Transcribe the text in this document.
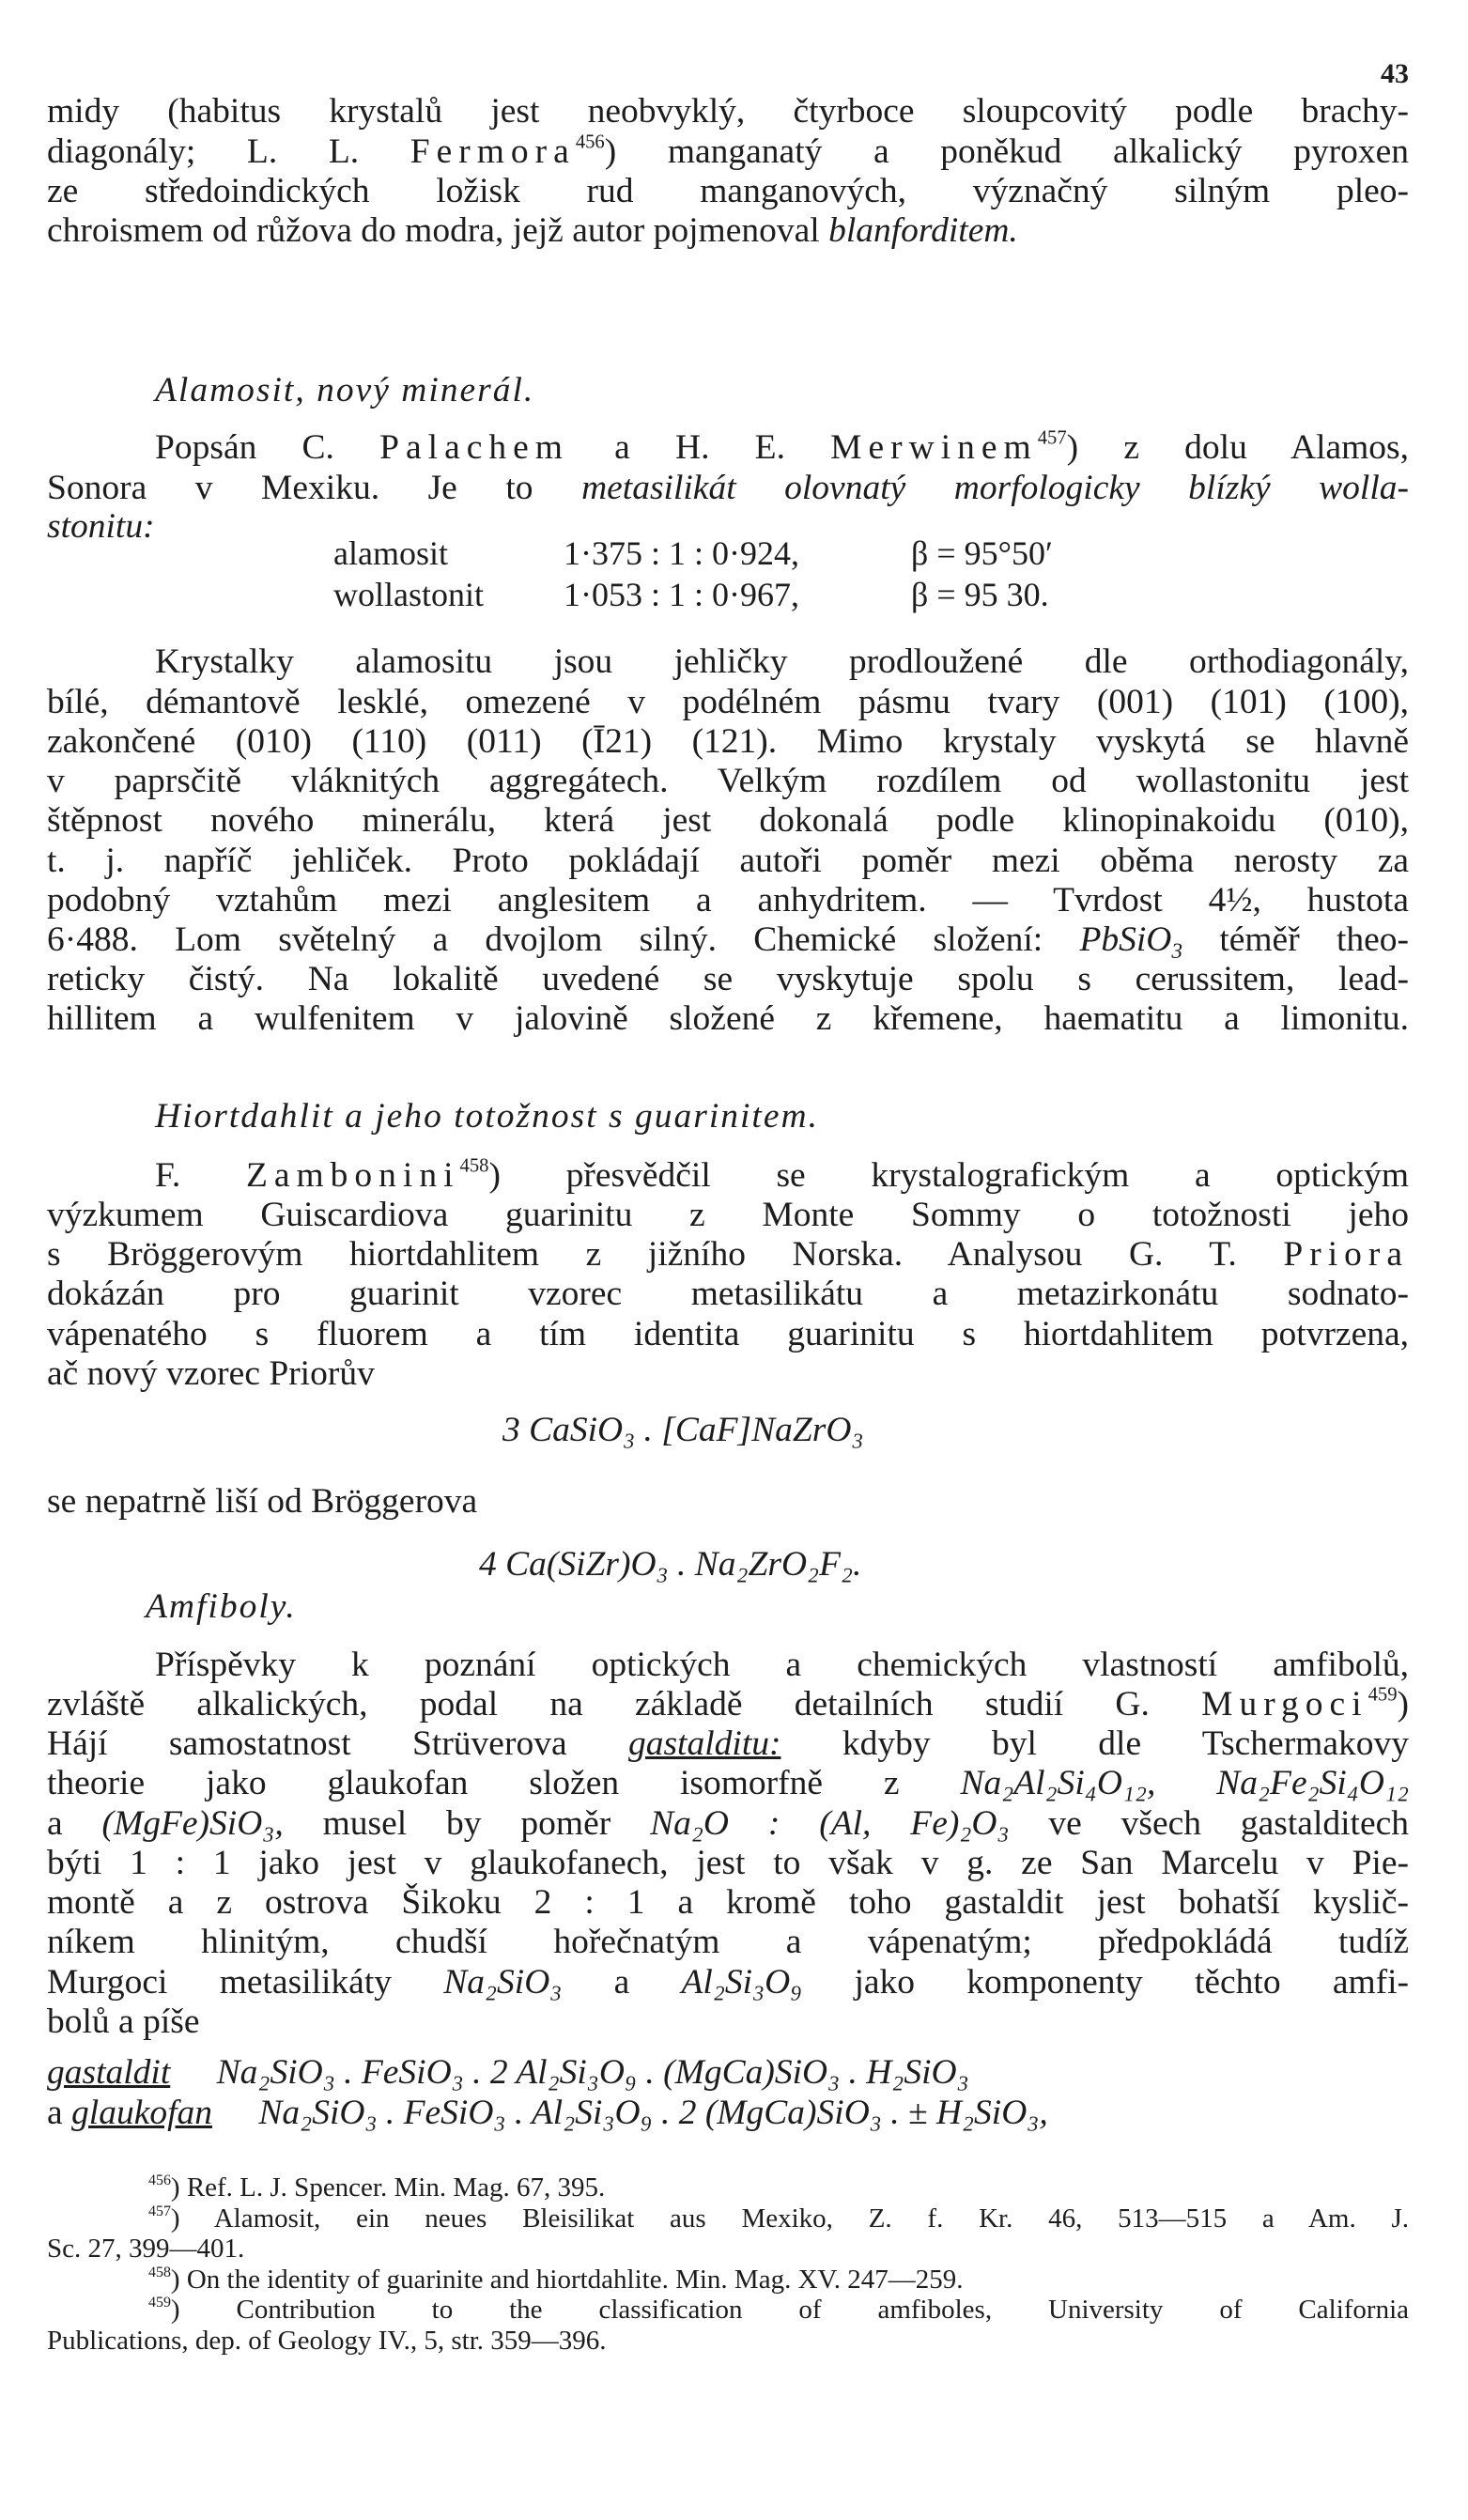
43
midy (habitus krystalů jest neobvyklý, čtyrboce sloupcovitý podle brachy-
diagonály; L. L. Fermora$^{456}$) manganatý a poněkud alkalický pyroxen
ze středoindických ložisk rud manganových, význačný silným pleo-
chroismem od růžova do modra, jejž autor pojmenoval blanforditem.
Alamosit, nový minerál.
Popsán C. Palachem a H. E. Merwinem$^{457}$) z dolu Alamos,
Sonora v Mexiku. Je to metasilikát olovnatý morfologicky blízký wolla-
stonitu:
alamosit	1·375 : 1 : 0·924,	β = 95°50′
wollastonit 1·053 : 1 : 0·967,	β = 95 30.
Krystalky alamositu jsou jehličky prodloužené dle orthodiagonály,
bílé, démantově lesklé, omezené v podélném pásmu tvary (001) (101) (100),
zakončené (010) (110) (011) (Ī21) (121). Mimo krystaly vyskytá se hlavně
v paprsčitě vláknitých aggregátech. Velkým rozdílem od wollastonitu jest
štěpnost nového minerálu, která jest dokonalá podle klinopinakoidu (010),
t. j. napříč jehliček. Proto pokládají autoři poměr mezi oběma nerosty za
podobný vztahům mezi anglesitem a anhydritem. — Tvrdost 4½, hustota
6·488. Lom světelný a dvojlom silný. Chemické složení: PbSiO$_3$ téměř theo-
reticky čistý. Na lokalitě uvedené se vyskytuje spolu s cerussitem, lead-
hillitem a wulfenitem v jalovině složené z křemene, haematitu a limonitu.
Hiortdahlit a jeho totožnost s guarinitem.
F. Zambonini$^{458}$) přesvědčil se krystalografickým a optickým
výzkumem Guiscardiova guarinitu z Monte Sommy o totožnosti jeho
s Bröggerovým hiortdahlitem z jižního Norska. Analysou G. T. Priora
dokázán pro guarinit vzorec metasilikátu a metazirkonátu sodnato-
vápenatého s fluorem a tím identita guarinitu s hiortdahlitem potvrzena,
ač nový vzorec Priorův
3 CaSiO₃ . [CaF]NaZrO₃
se nepatrně liší od Bröggerova
4 Ca(SiZr)O₃ . Na₂ZrO₂F₂.
Amfiboly.
Příspěvky k poznání optických a chemických vlastností amfibolů,
zvláště alkalických, podal na základě detailních studií G. Murgoci$^{459}$)
Hájí samostatnost Strüverova gastalditu: kdyby byl dle Tschermakovy
theorie jako glaukofan složen isomorfně z Na₂Al₂Si₄O₁₂, Na₂Fe₂Si₄O₁₂
a (MgFe)SiO₃, musel by poměr Na₂O : (Al, Fe)₂O₃ ve všech gastalditech
býti 1 : 1 jako jest v glaukofanech, jest to však v g. ze San Marcelu v Pie-
montě a z ostrova Šikoku 2 : 1 a kromě toho gastaldit jest bohatší kyslič-
níkem hlinitým, chudší hořečnatým a vápenatým; předpokládá tudíž
Murgoci metasilikáty Na₂SiO₃ a Al₂Si₃O₉ jako komponenty těchto amfi-
bolů a píše
gastaldit Na₂SiO₃ . FeSiO₃ . 2 Al₂Si₃O₉ . (MgCa)SiO₃ . H₂SiO₃
a glaukofan Na₂SiO₃ . FeSiO₃ . Al₂Si₃O₉ . 2 (MgCa)SiO₃ . ± H₂SiO₃,
$^{456}$) Ref. L. J. Spencer. Min. Mag. 67, 395.
$^{457}$) Alamosit, ein neues Bleisilikat aus Mexiko, Z. f. Kr. 46, 513—515 a Am. J.
Sc. 27, 399—401.
$^{458}$) On the identity of guarinite and hiortdahlite. Min. Mag. XV. 247—259.
$^{459}$) Contribution to the classification of amfiboles, University of California
Publications, dep. of Geology IV., 5, str. 359—396.
